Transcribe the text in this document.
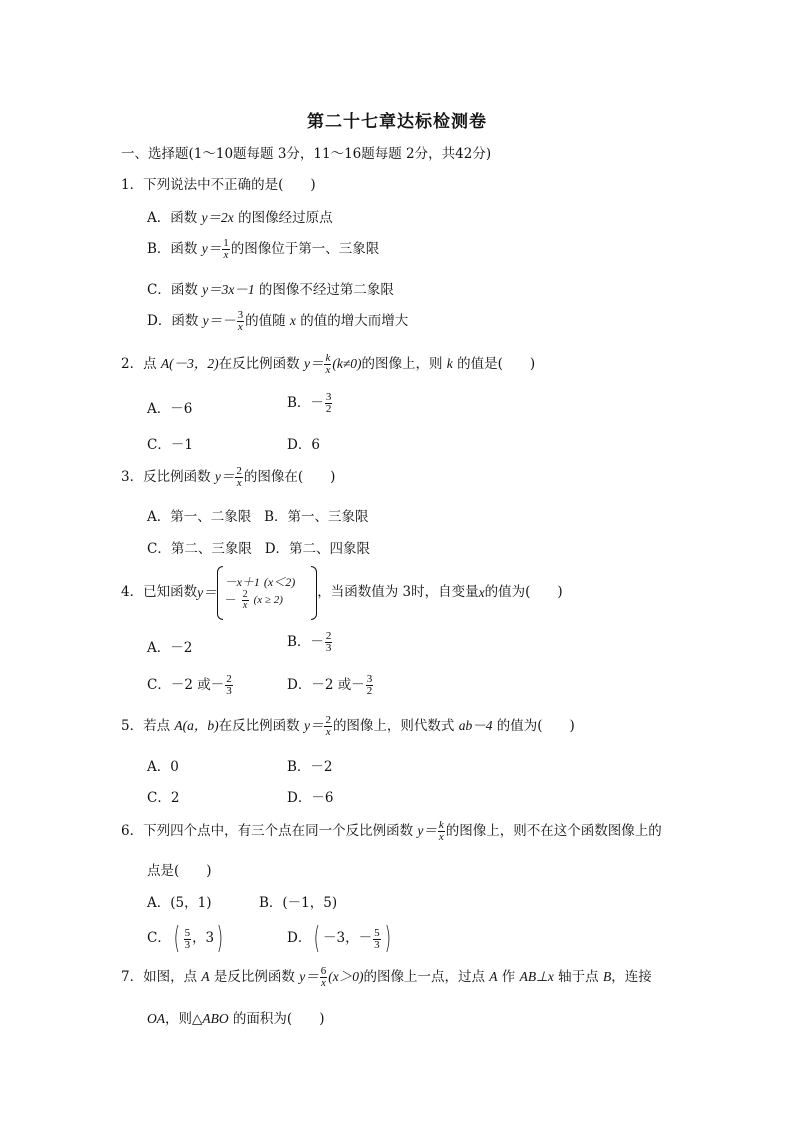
第二十七章达标检测卷
一、选择题(1～10题每题 3分，11～16题每题 2分，共42分)
1．下列说法中不正确的是(　　)
A．函数 y＝2x 的图像经过原点
B．函数 $y= \frac{1}{x}$ 的图像位于第一、三象限
C．函数 y＝3x－1 的图像不经过第二象限
D．函数 $y=- \frac{3}{x}$ 的值随 x 的值的增大而增大
2．点 A(－3，2)在反比例函数 $y= \frac{k}{x} (k\ne 0)$的图像上，则 k 的值是(　　)
A．－6	B．－ $\frac{3}{2}$
C．－1	D．6
3．反比例函数 $y= \frac{2}{x}$ 的图像在(　　)
A．第一、二象限 B．第一、三象限
C．第二、三象限 D．第二、四象限
4．已知函数 y＝
－x＋1 (x＜2)
－ $\frac{2}{x} (x \ge 2)$	，当函数值为 3时，自变量 x 的值为(　　)
A．－2	B．－ $\frac{2}{3}$
C．－2 或－ $\frac{2}{3}$	D．－2 或－ $\frac{3}{2}$
5．若点 A(a，b)在反比例函数 $y= \frac{2}{x}$ 的图像上，则代数式 ab－4 的值为(　　)
A．0	B．－2
C．2	D．－6
6．下列四个点中，有三个点在同一个反比例函数 $y= \frac{k}{x}$ 的图像上，则不在这个函数图像上的
点是(　　)
A．(5，1)	B．(－1，5)
C． ( $\frac{5}{3}$ ，3 )	D． ( －3，－ $\frac{5}{3}$ )
7．如图，点 A 是反比例函数 $y= \frac{6}{x} (x>0)$的图像上一点，过点 A 作 AB⊥x 轴于点 B，连接
OA，则△ABO 的面积为(　　)
